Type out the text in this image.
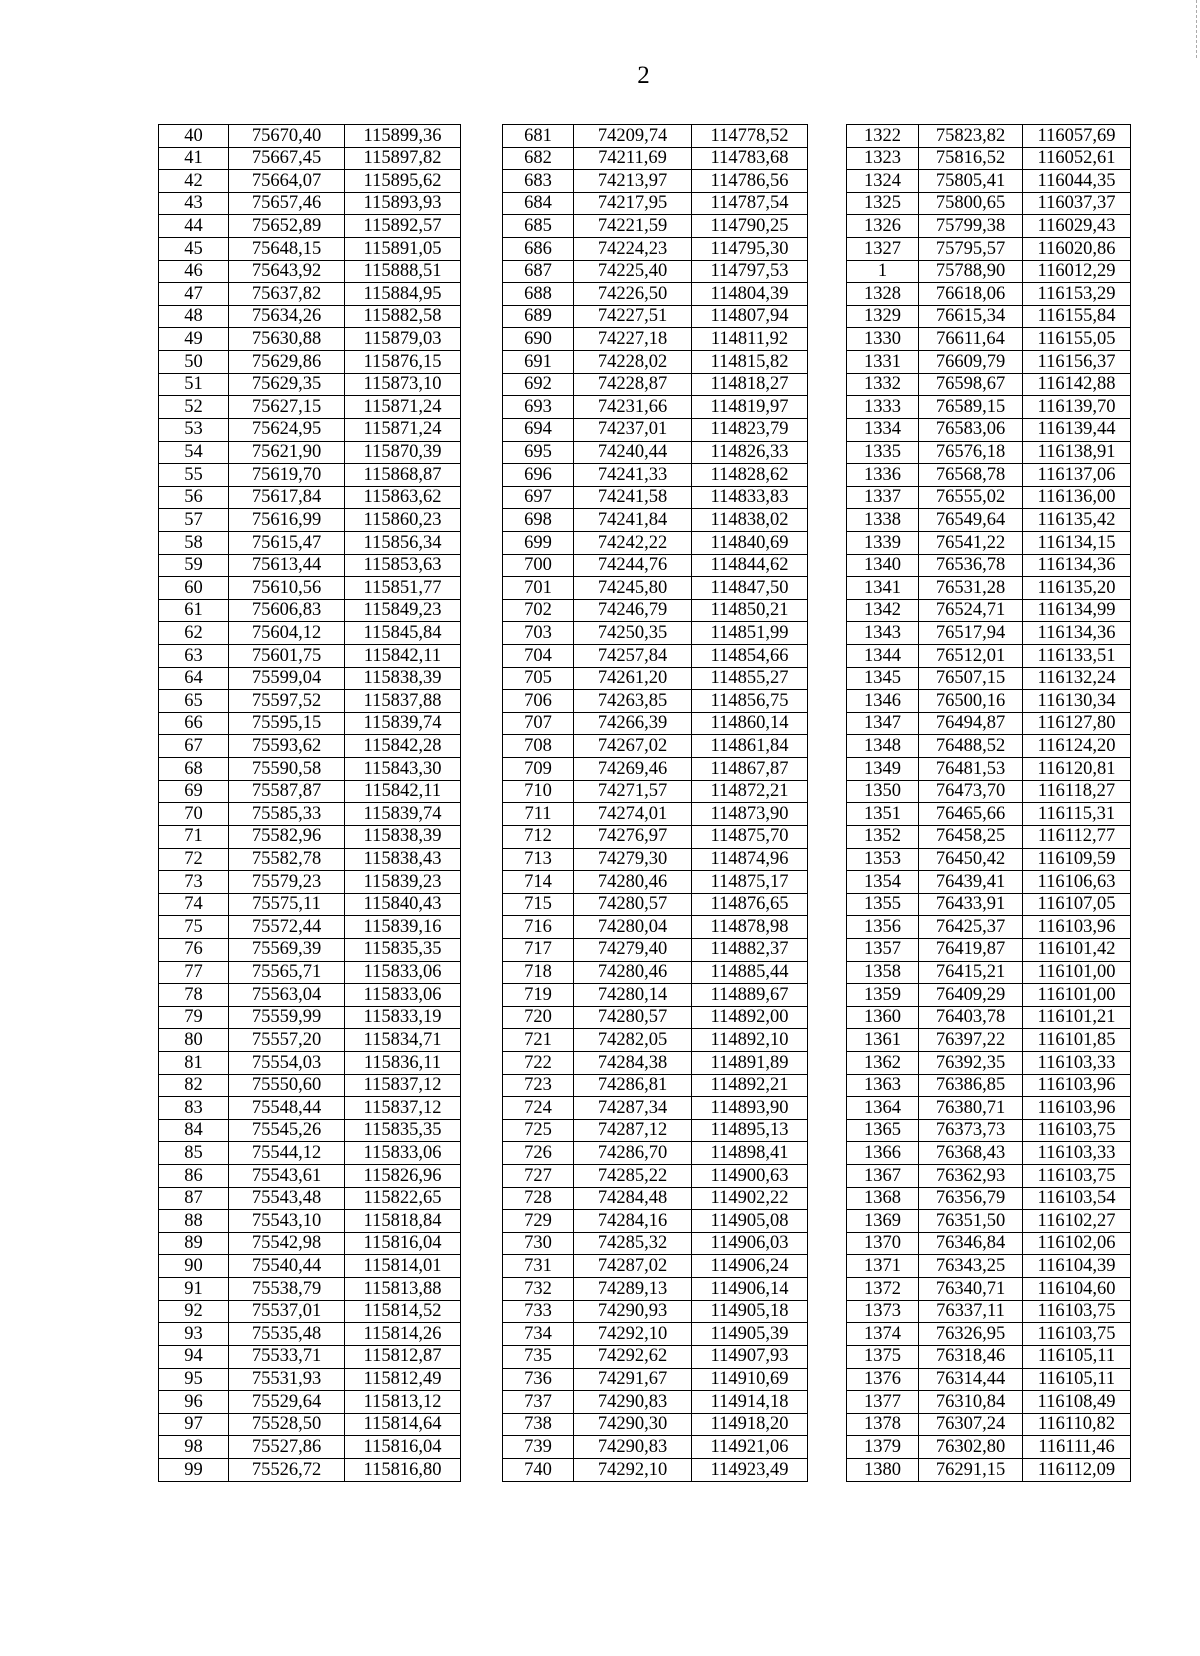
2
40	75670,40	115899,36		681	74209,74	114778,52		1322	75823,82	116057,69
41	75667,45	115897,82		682	74211,69	114783,68		1323	75816,52	116052,61
42	75664,07	115895,62		683	74213,97	114786,56		1324	75805,41	116044,35
43	75657,46	115893,93		684	74217,95	114787,54		1325	75800,65	116037,37
44	75652,89	115892,57		685	74221,59	114790,25		1326	75799,38	116029,43
45	75648,15	115891,05		686	74224,23	114795,30		1327	75795,57	116020,86
46	75643,92	115888,51		687	74225,40	114797,53		1	75788,90	116012,29
47	75637,82	115884,95		688	74226,50	114804,39		1328	76618,06	116153,29
48	75634,26	115882,58		689	74227,51	114807,94		1329	76615,34	116155,84
49	75630,88	115879,03		690	74227,18	114811,92		1330	76611,64	116155,05
50	75629,86	115876,15		691	74228,02	114815,82		1331	76609,79	116156,37
51	75629,35	115873,10		692	74228,87	114818,27		1332	76598,67	116142,88
52	75627,15	115871,24		693	74231,66	114819,97		1333	76589,15	116139,70
53	75624,95	115871,24		694	74237,01	114823,79		1334	76583,06	116139,44
54	75621,90	115870,39		695	74240,44	114826,33		1335	76576,18	116138,91
55	75619,70	115868,87		696	74241,33	114828,62		1336	76568,78	116137,06
56	75617,84	115863,62		697	74241,58	114833,83		1337	76555,02	116136,00
57	75616,99	115860,23		698	74241,84	114838,02		1338	76549,64	116135,42
58	75615,47	115856,34		699	74242,22	114840,69		1339	76541,22	116134,15
59	75613,44	115853,63		700	74244,76	114844,62		1340	76536,78	116134,36
60	75610,56	115851,77		701	74245,80	114847,50		1341	76531,28	116135,20
61	75606,83	115849,23		702	74246,79	114850,21		1342	76524,71	116134,99
62	75604,12	115845,84		703	74250,35	114851,99		1343	76517,94	116134,36
63	75601,75	115842,11		704	74257,84	114854,66		1344	76512,01	116133,51
64	75599,04	115838,39		705	74261,20	114855,27		1345	76507,15	116132,24
65	75597,52	115837,88		706	74263,85	114856,75		1346	76500,16	116130,34
66	75595,15	115839,74		707	74266,39	114860,14		1347	76494,87	116127,80
67	75593,62	115842,28		708	74267,02	114861,84		1348	76488,52	116124,20
68	75590,58	115843,30		709	74269,46	114867,87		1349	76481,53	116120,81
69	75587,87	115842,11		710	74271,57	114872,21		1350	76473,70	116118,27
70	75585,33	115839,74		711	74274,01	114873,90		1351	76465,66	116115,31
71	75582,96	115838,39		712	74276,97	114875,70		1352	76458,25	116112,77
72	75582,78	115838,43		713	74279,30	114874,96		1353	76450,42	116109,59
73	75579,23	115839,23		714	74280,46	114875,17		1354	76439,41	116106,63
74	75575,11	115840,43		715	74280,57	114876,65		1355	76433,91	116107,05
75	75572,44	115839,16		716	74280,04	114878,98		1356	76425,37	116103,96
76	75569,39	115835,35		717	74279,40	114882,37		1357	76419,87	116101,42
77	75565,71	115833,06		718	74280,46	114885,44		1358	76415,21	116101,00
78	75563,04	115833,06		719	74280,14	114889,67		1359	76409,29	116101,00
79	75559,99	115833,19		720	74280,57	114892,00		1360	76403,78	116101,21
80	75557,20	115834,71		721	74282,05	114892,10		1361	76397,22	116101,85
81	75554,03	115836,11		722	74284,38	114891,89		1362	76392,35	116103,33
82	75550,60	115837,12		723	74286,81	114892,21		1363	76386,85	116103,96
83	75548,44	115837,12		724	74287,34	114893,90		1364	76380,71	116103,96
84	75545,26	115835,35		725	74287,12	114895,13		1365	76373,73	116103,75
85	75544,12	115833,06		726	74286,70	114898,41		1366	76368,43	116103,33
86	75543,61	115826,96		727	74285,22	114900,63		1367	76362,93	116103,75
87	75543,48	115822,65		728	74284,48	114902,22		1368	76356,79	116103,54
88	75543,10	115818,84		729	74284,16	114905,08		1369	76351,50	116102,27
89	75542,98	115816,04		730	74285,32	114906,03		1370	76346,84	116102,06
90	75540,44	115814,01		731	74287,02	114906,24		1371	76343,25	116104,39
91	75538,79	115813,88		732	74289,13	114906,14		1372	76340,71	116104,60
92	75537,01	115814,52		733	74290,93	114905,18		1373	76337,11	116103,75
93	75535,48	115814,26		734	74292,10	114905,39		1374	76326,95	116103,75
94	75533,71	115812,87		735	74292,62	114907,93		1375	76318,46	116105,11
95	75531,93	115812,49		736	74291,67	114910,69		1376	76314,44	116105,11
96	75529,64	115813,12		737	74290,83	114914,18		1377	76310,84	116108,49
97	75528,50	115814,64		738	74290,30	114918,20		1378	76307,24	116110,82
98	75527,86	115816,04		739	74290,83	114921,06		1379	76302,80	116111,46
99	75526,72	115816,80		740	74292,10	114923,49		1380	76291,15	116112,09
